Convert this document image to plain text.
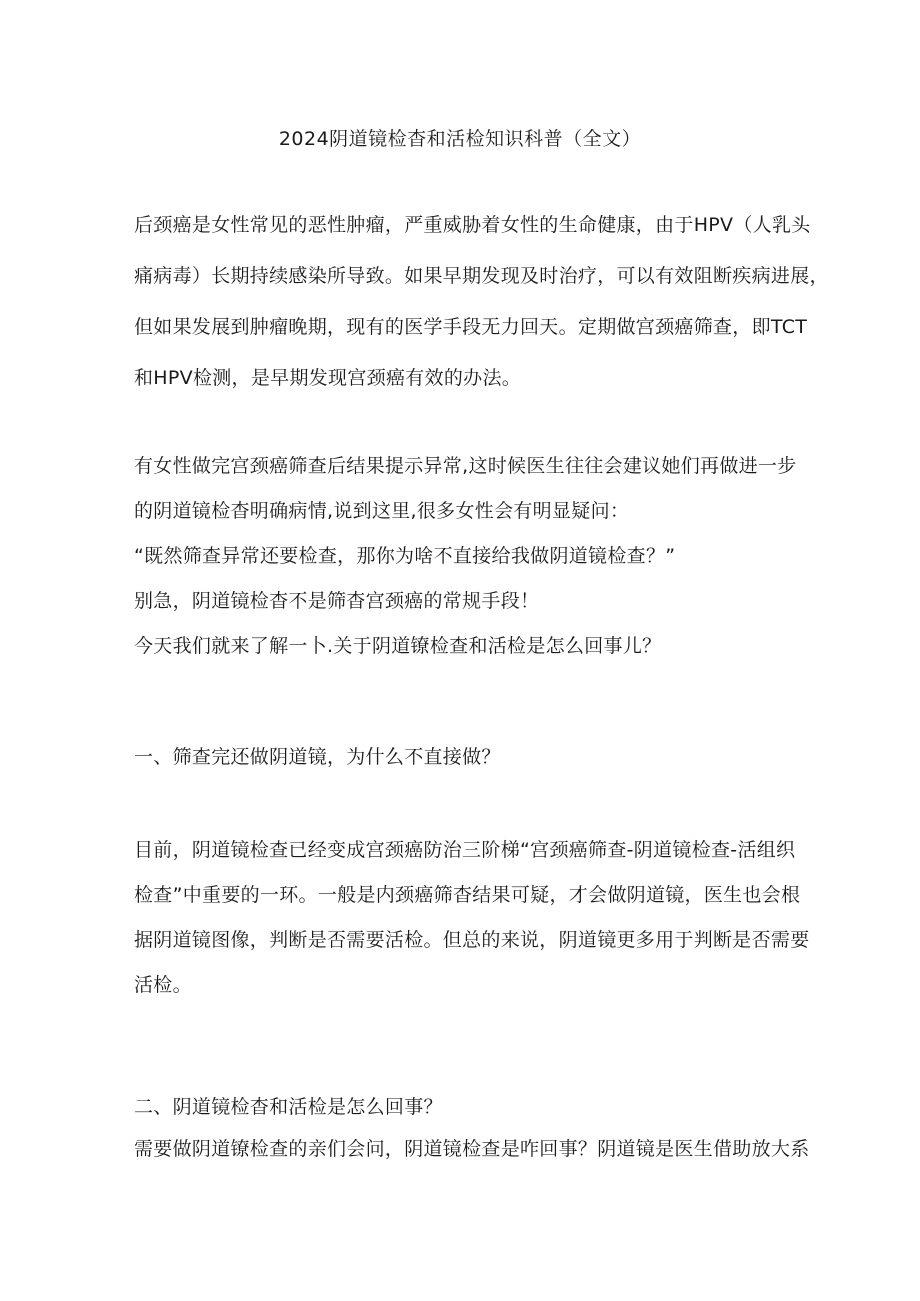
2024阴道镜检杳和活检知识科普（全文）
后颈癌是女性常见的恶性肿瘤，严重威胁着女性的生命健康，由于HPV（人乳头
痛病毒）长期持续感染所导致。如果早期发现及时治疗，可以有效阻断疾病进展，
但如果发展到肿瘤晚期，现有的医学手段无力回天。定期做宫颈癌筛查，即TCT
和HPV检测，是早期发现宫颈癌有效的办法。
有女性做完宫颈癌筛查后结果提示异常,这时候医生往往会建议她们再做进一步
的阴道镜检杳明确病情,说到这里,很多女性会有明显疑问：
“既然筛查异常还要检查，那你为啥不直接给我做阴道镜检查？”
别急，阴道镜检杳不是筛杳宫颈癌的常规手段！
今天我们就来了解一卜.关于阴道镣检查和活检是怎么回事儿？
一、筛查完还做阴道镜，为什么不直接做？
目前，阴道镜检查已经变成宫颈癌防治三阶梯“宫颈癌筛查-阴道镜检查-活组织
检查”中重要的一环。一般是内颈癌筛杳结果可疑，才会做阴道镜，医生也会根
据阴道镜图像，判断是否需要活检。但总的来说，阴道镜更多用于判断是否需要
活检。
二、阴道镜检杳和活检是怎么回事？
需要做阴道镣检查的亲们会问，阴道镜检查是咋回事？阴道镜是医生借助放大系
